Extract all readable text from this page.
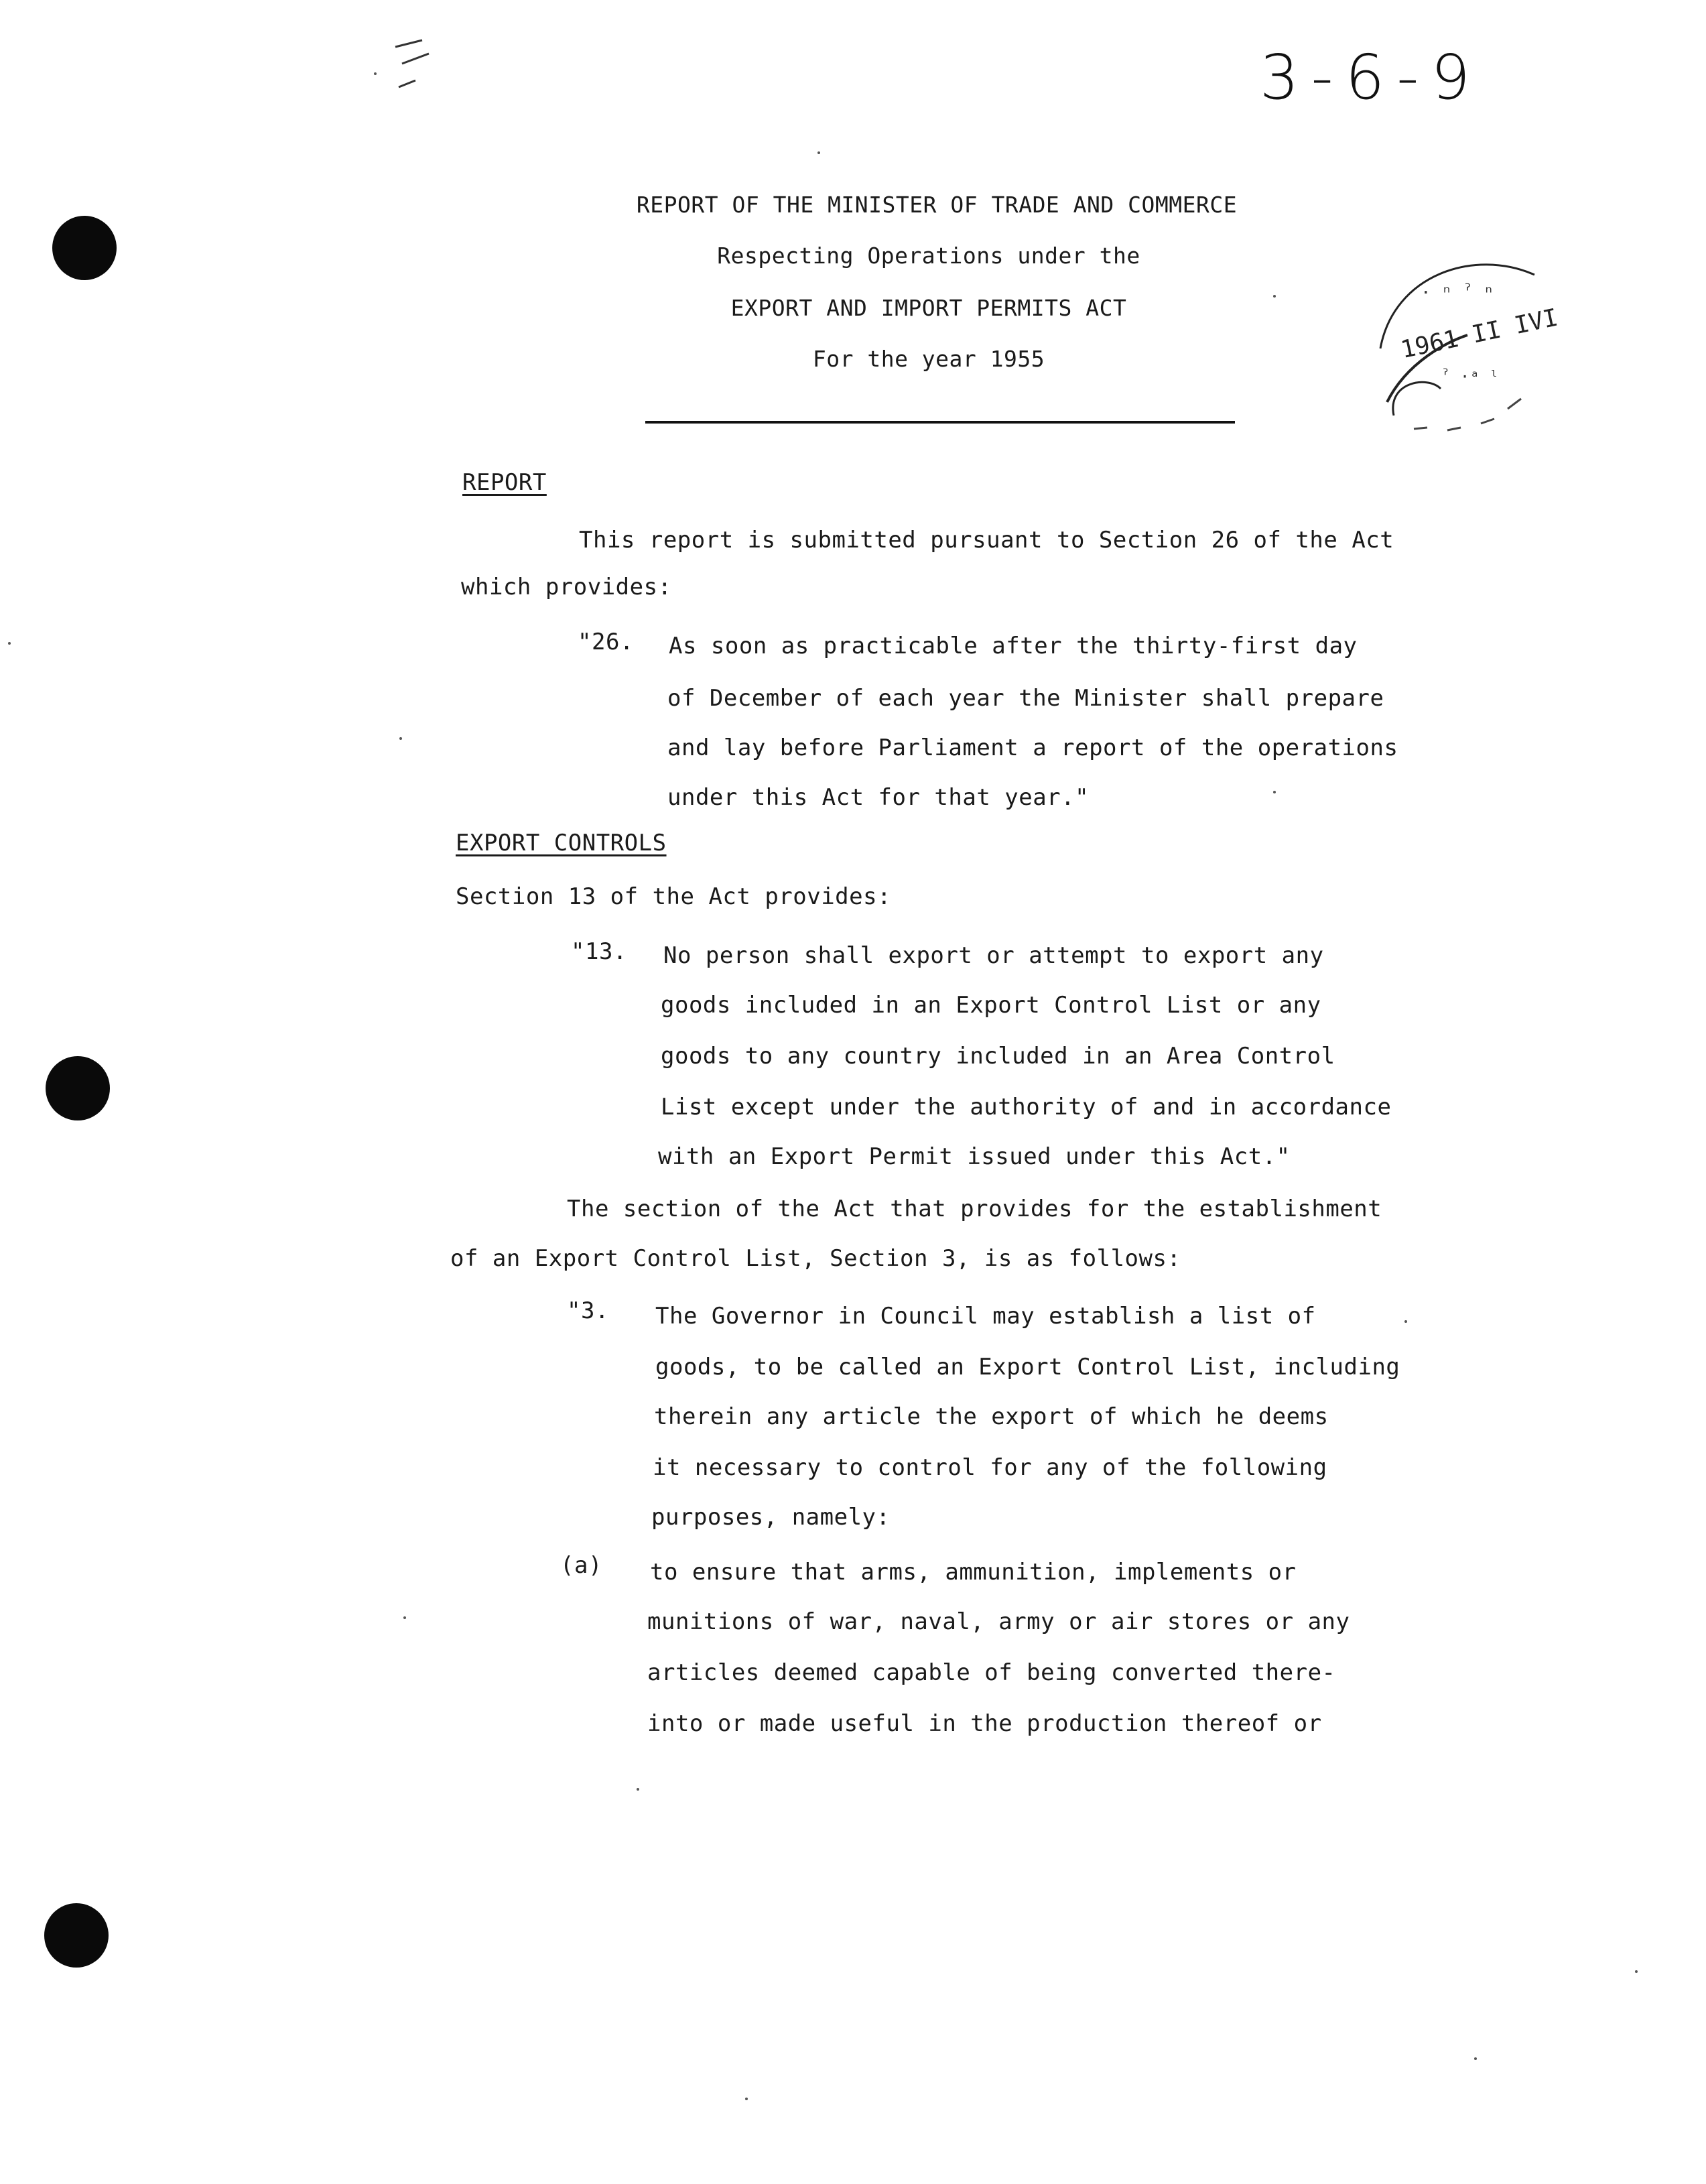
3-6-9
· ⁿ ˀ ⁿ
1961 II IVI
ˀ ·ᵃ ˡ
REPORT OF THE MINISTER OF TRADE AND COMMERCE
Respecting Operations under the
EXPORT AND IMPORT PERMITS ACT
For the year 1955
REPORT
This report is submitted pursuant to Section 26 of the Act
which provides:
"26. As soon as practicable after the thirty-first day
of December of each year the Minister shall prepare
and lay before Parliament a report of the operations
under this Act for that year."
EXPORT CONTROLS
Section 13 of the Act provides:
"13. No person shall export or attempt to export any
goods included in an Export Control List or any
goods to any country included in an Area Control
List except under the authority of and in accordance
with an Export Permit issued under this Act."
The section of the Act that provides for the establishment
of an Export Control List, Section 3, is as follows:
"3. The Governor in Council may establish a list of
goods, to be called an Export Control List, including
therein any article the export of which he deems
it necessary to control for any of the following
purposes, namely:
(a) to ensure that arms, ammunition, implements or
munitions of war, naval, army or air stores or any
articles deemed capable of being converted there-
into or made useful in the production thereof or
